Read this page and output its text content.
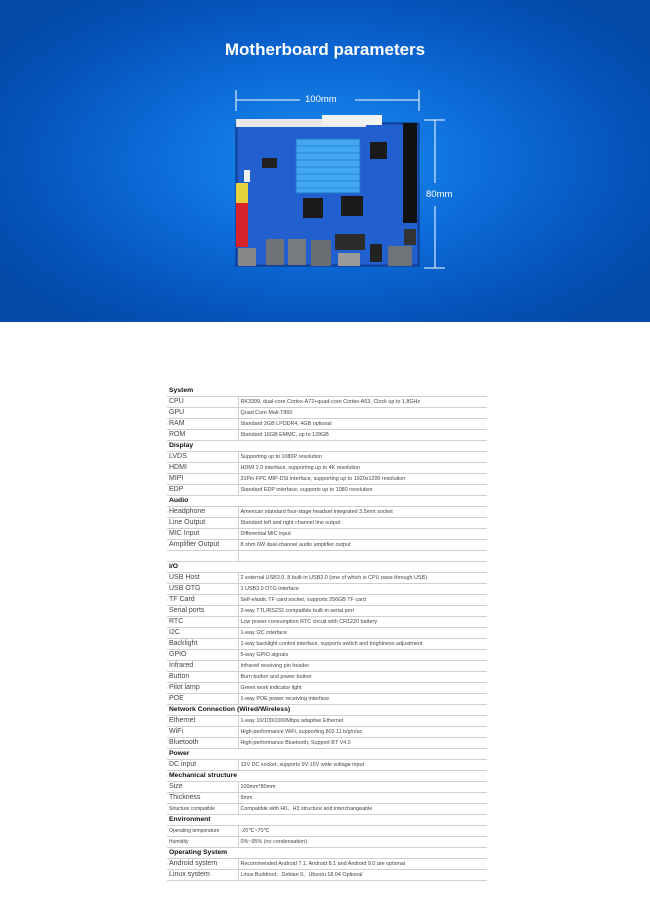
Motherboard parameters
100mm
80mm
System	
CPU	RK3399, dual-core Cortex-A72+quad-core Cortex-A53, Clock up to 1.8GHz
GPU	Quad Core Mali-T860
RAM	Standard 2GB LPDDR4, 4GB optional
ROM	Standard 16GB EMMC, up to 128GB
Display	
LVDS	Supporting up to 1080P resolution
HDMI	HDMI 2.0 interface, supporting up to 4K resolution
MIPI	31Pin FPC MIP-DSI interface, supporting up to 1920x1200 resolution
EDP	Standard EDP interface, supports up to 1080 resolution
Audio	
Headphone	American standard four-stage headset integrated 3.5mm socket
Line Output	Standard left and right channel line output
MIC Input	Differential MIC input
Amplifier Output	8 ohm 6W dual-channel audio amplifier output

I/O	
USB Host	2 external USB3.0, 8 built-in USB2.0 (one of which is CPU pass-through USB)
USB OTG	1 USB3.0 OTG interface
TF Card	Self-elastic TF card socket, supports 256GB TF card
Serial ports	2-way TTL/RS232 compatible built-in serial port
RTC	Low power consumption RTC circuit with CR1220 battery
I2C	1-way I2C interface
Backlight	1-way backlight control interface, supports switch and brightness adjustment
GPIO	5-way GPIO signals
Infrared	Infrared receiving pin header
Button	Burn button and power button
Pilot lamp	Green work indicator light
POE	1-way POE power receiving interface
Network Connection (Wired/Wireless)	
Ethernet	1-way 10/100/1000Mbps adaptive Ethernet
WiFi	High-performance WiFi, supporting 802.11 b/g/n/ac
Bluetooth	High-performance Bluetooth, Support BT V4.0
Power	
DC input	12V DC socket, supports 9V-15V wide voltage input
Mechanical structure	
Size	100mm*80mm
Thickness	9mm
Structure compatible	Compatible with H0、H3 structure and interchangeable
Environment	
Operating temperature	-20℃~70℃
Humidity	0%~95% (no condensation)
Operating System	
Android system	Recommended Android 7.1, Android 8.1 and Android 9.0 are optional
Linux system	Linux Buildroot、Debian 9、Ubuntu 18.04 Optional
